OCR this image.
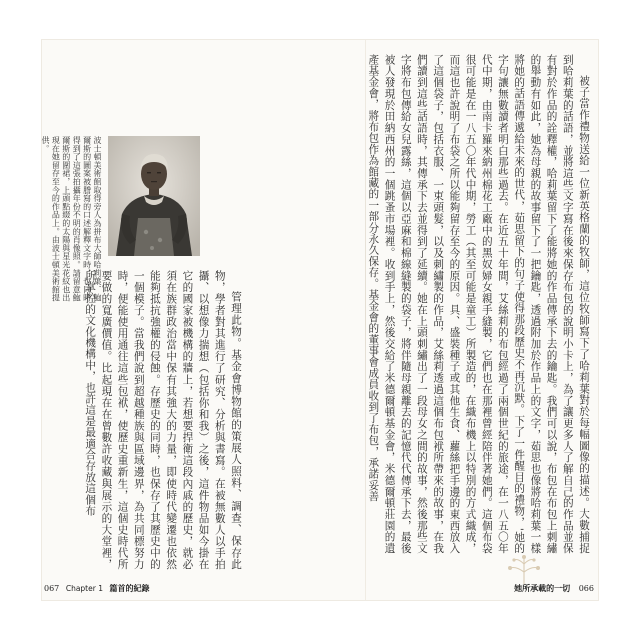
管理此物。基金會博物館的策展人照料、調查、保存此物，學者對其進行了研究、分析與書寫。在被無數人以手拍攝、以想像力揣想（包括你和我）之後，這件物品如今掛在它的國家被機構的牆上，若想要捍衛這段內戚的歷史，就必須在族群政治當中保有其強大的力量，即使時代變遷也依然能夠抵抗強權的侵蝕。存歷史的同時，也保存了其歷史中的一個模子。當我們說到超越種族與區域邊界，為共同標努力時，便能使用通往這些包袱，使歷史重新生，這個史時代所要做的寬廣價值。比起現在在曾數許收藏與展示的大堂裡，所掌控的文化機構中，也許這是最適合存放這個布

波士頓美術館取得旁人為拼布大師哈莉葉．鮑爾斯的圖案被謄寫的口述解釋文字時，也同時得到了這張拍攝年份不明的肖像照。請留意鮑爾斯的圍裙，上頭點綴的太陽與星光花紋也出現在她留存至今的作品上。由波士頓美術館提供。
067 Chapter 1 篇首的紀錄

被子當作禮物送給一位新英格蘭的牧師，這位牧師寫下了哈莉葉對於每幅圖像的描述。大數捕捉到哈莉葉的話語，並將這些文字寫在後來保存布包的說明小卡上，為了讓更多人了解自己的作品並保有對於作品的詮釋權，哈莉葉留下了能將她的作品傳承下去的鑰匙。我們可以說，布包在布包上刺繡的舉動有如此，她為母親的故事留下了一把鑰匙，透過附加於作品上的文字，茹思也像將哈莉葉一樣將她的話語傳遞給未來的世代，茹思留下的句子使得那段歷史不再沉默。下了一件醒目的禮物，'她的字句讓無數讀者明白那些過去。在近五十年間，艾絲莉的布包經過了兩個世紀的旅途，在一八五〇年代中期，由南卡羅來納州棉花工廠中的黑奴婦女親手縫製，它們也在那裡曾經陪伴著她們。這個布袋很可能是在一八五〇年代中期，勞工（其至可能是童工）所製造的，在織布機上以特別的方式織成，而這也許說明了布袋之所以能夠留存至今的原因。具、盛裝種子或其他生食、蘿絲把手邊的東西放入了這個袋子，包括衣服、一束頭髮，以及刺繡製的作品，艾絲莉透過這個布包袱所帶來的故事，在我們讀到這些話語時，其傳承下去並得到了延續。她在上頭刺繡出了一段母女之間的故事，然後那些文字將布包傳給女兒露絲，這個以亞麻和棉線縫製的袋子，將伴隨母親離去的記憶代代傳承下去，最後被人發現於田納西州的一個跳蚤市場裡。收到手上，然後交給了米德爾頓基金會，米德爾頓莊園的遺產基金會，將布包作為館藏的一部分永久保存。基金會的董事會成員收到了布包，承諾妥善

她所承載的一切 066
